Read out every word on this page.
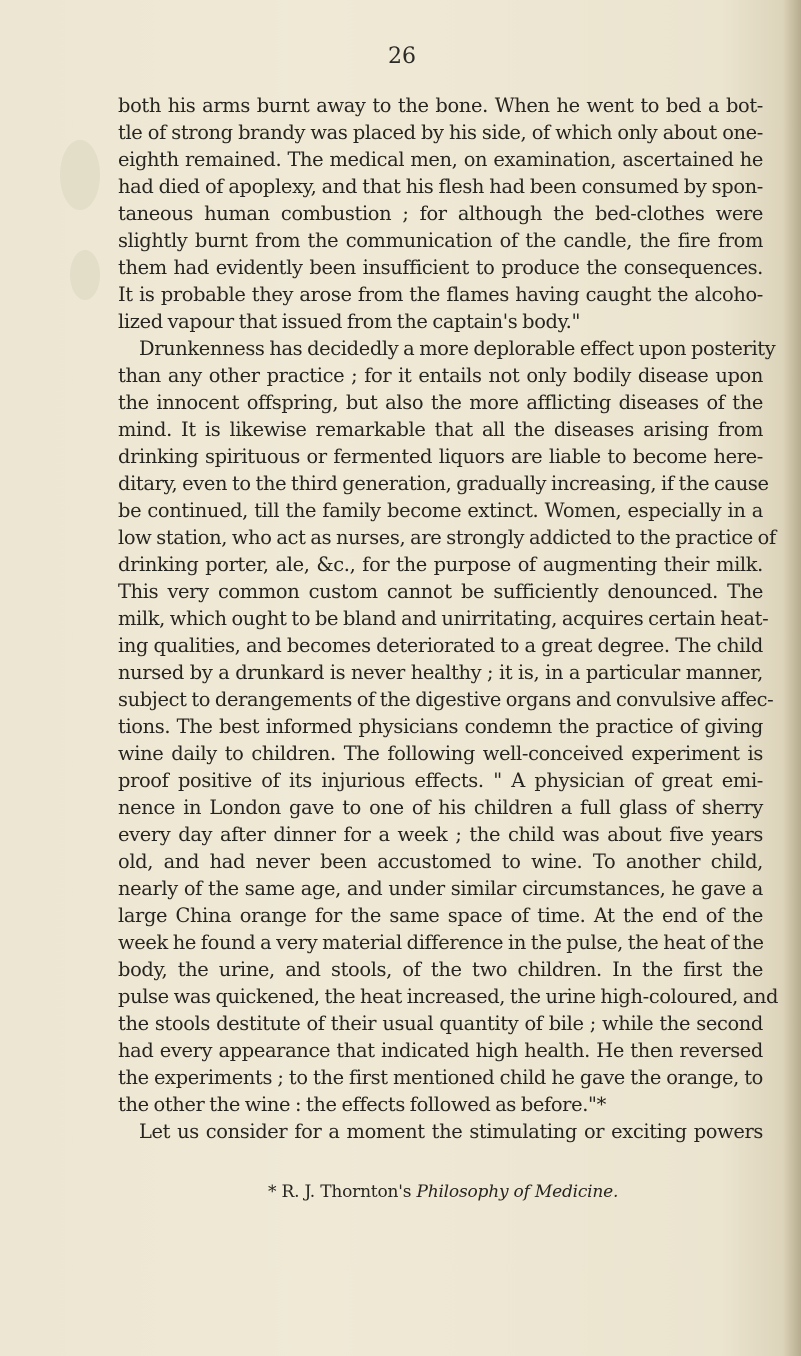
26
both his arms burnt away to the bone. When he went to bed a bot-
tle of strong brandy was placed by his side, of which only about one-
eighth remained. The medical men, on examination, ascertained he
had died of apoplexy, and that his flesh had been consumed by spon-
taneous human combustion ; for although the bed-clothes were
slightly burnt from the communication of the candle, the fire from
them had evidently been insufficient to produce the consequences.
It is probable they arose from the flames having caught the alcoho-
lized vapour that issued from the captain's body."
Drunkenness has decidedly a more deplorable effect upon posterity
than any other practice ; for it entails not only bodily disease upon
the innocent offspring, but also the more afflicting diseases of the
mind. It is likewise remarkable that all the diseases arising from
drinking spirituous or fermented liquors are liable to become here-
ditary, even to the third generation, gradually increasing, if the cause
be continued, till the family become extinct. Women, especially in a
low station, who act as nurses, are strongly addicted to the practice of
drinking porter, ale, &c., for the purpose of augmenting their milk.
This very common custom cannot be sufficiently denounced. The
milk, which ought to be bland and unirritating, acquires certain heat-
ing qualities, and becomes deteriorated to a great degree. The child
nursed by a drunkard is never healthy ; it is, in a particular manner,
subject to derangements of the digestive organs and convulsive affec-
tions. The best informed physicians condemn the practice of giving
wine daily to children. The following well-conceived experiment is
proof positive of its injurious effects. " A physician of great emi-
nence in London gave to one of his children a full glass of sherry
every day after dinner for a week ; the child was about five years
old, and had never been accustomed to wine. To another child,
nearly of the same age, and under similar circumstances, he gave a
large China orange for the same space of time. At the end of the
week he found a very material difference in the pulse, the heat of the
body, the urine, and stools, of the two children. In the first the
pulse was quickened, the heat increased, the urine high-coloured, and
the stools destitute of their usual quantity of bile ; while the second
had every appearance that indicated high health. He then reversed
the experiments ; to the first mentioned child he gave the orange, to
the other the wine : the effects followed as before."*
Let us consider for a moment the stimulating or exciting powers
* R. J. Thornton's Philosophy of Medicine.
